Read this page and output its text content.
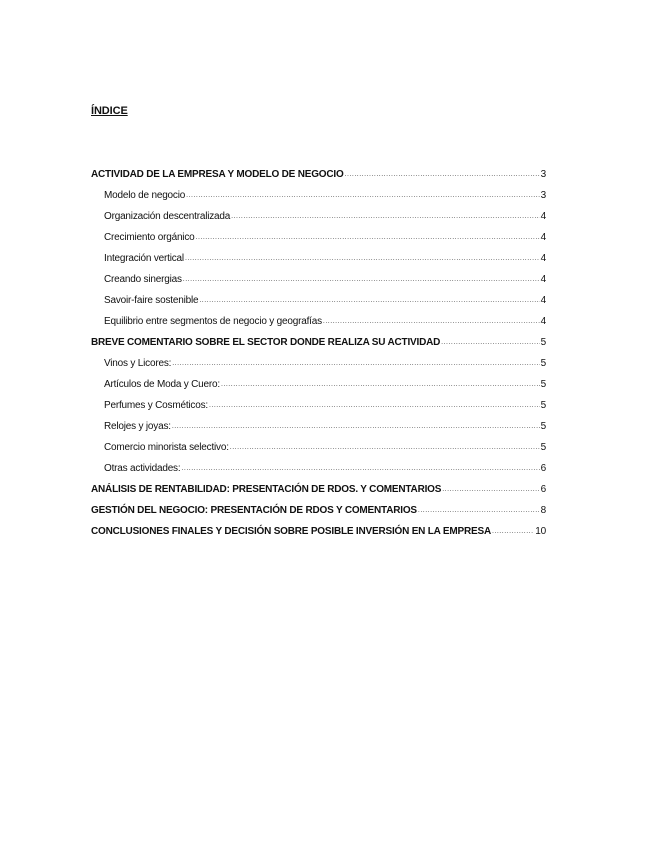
ÍNDICE
ACTIVIDAD DE LA EMPRESA Y MODELO DE NEGOCIO .....	3
Modelo de negocio .....	3
Organización descentralizada .....	4
Crecimiento orgánico .....	4
Integración vertical .....	4
Creando sinergias .....	4
Savoir-faire sostenible .....	4
Equilibrio entre segmentos de negocio y geografías .....	4
BREVE COMENTARIO SOBRE EL SECTOR DONDE REALIZA SU ACTIVIDAD .....	5
Vinos y Licores: .....	5
Artículos de Moda y Cuero: .....	5
Perfumes y Cosméticos: .....	5
Relojes y joyas: .....	5
Comercio minorista selectivo: .....	5
Otras actividades: .....	6
ANÁLISIS DE RENTABILIDAD: PRESENTACIÓN DE RDOS. Y COMENTARIOS .....	6
GESTIÓN DEL NEGOCIO: PRESENTACIÓN DE RDOS Y COMENTARIOS .....	8
CONCLUSIONES FINALES Y DECISIÓN SOBRE POSIBLE INVERSIÓN EN LA EMPRESA .....	10
